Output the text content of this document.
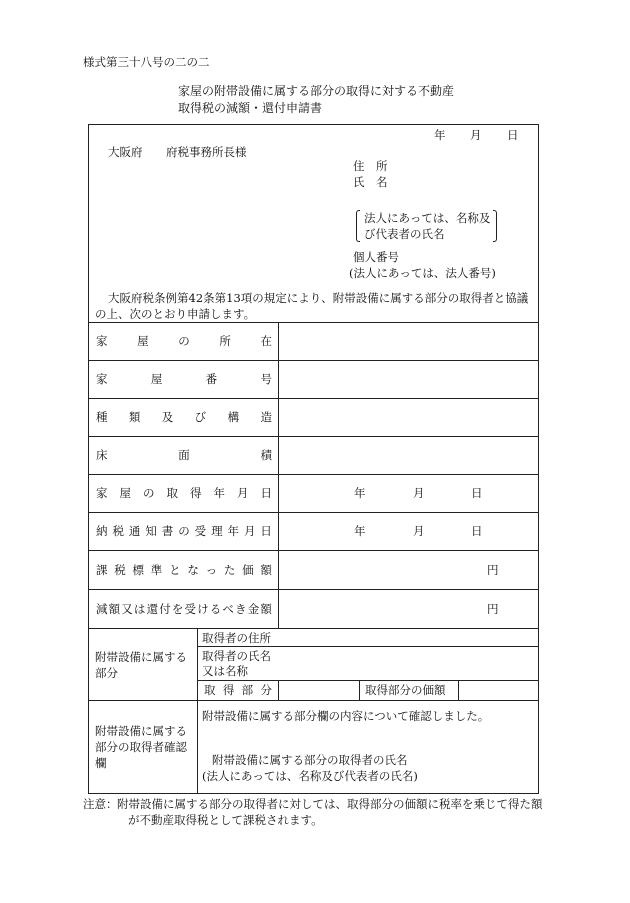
様式第三十八号の二の二
家屋の附帯設備に属する部分の取得に対する不動産
取得税の減額・還付申請書
年 月 日
大阪府 府税事務所長様
住　所
氏　名
法人にあっては、名称及
び代表者の氏名
個人番号
(法人にあっては、法人番号)
大阪府税条例第42条第13項の規定により、附帯設備に属する部分の取得者と協議
の上、次のとおり申請します。
家	屋	の	所	在
家	屋	番	号
種 類 及 び 構 造
床	面	積
家 屋 の 取 得 年 月 日	年	月	日
納 税 通 知 書 の 受 理 年 月 日	年	月	日
課 税 標 準 と な っ た 価 額	円
減 額 又 は 還 付 を 受 け る べ き 金 額	円
附帯設備に属する
部分
取得者の住所
取得者の氏名
又は名称
取 得 部 分	取得部分の価額
附帯設備に属する
部分の取得者確認
欄
附帯設備に属する部分欄の内容について確認しました。
附帯設備に属する部分の取得者の氏名
(法人にあっては、名称及び代表者の氏名)
注意： 附帯設備に属する部分の取得者に対しては、取得部分の価額に税率を乗じて得た額
が不動産取得税として課税されます。
